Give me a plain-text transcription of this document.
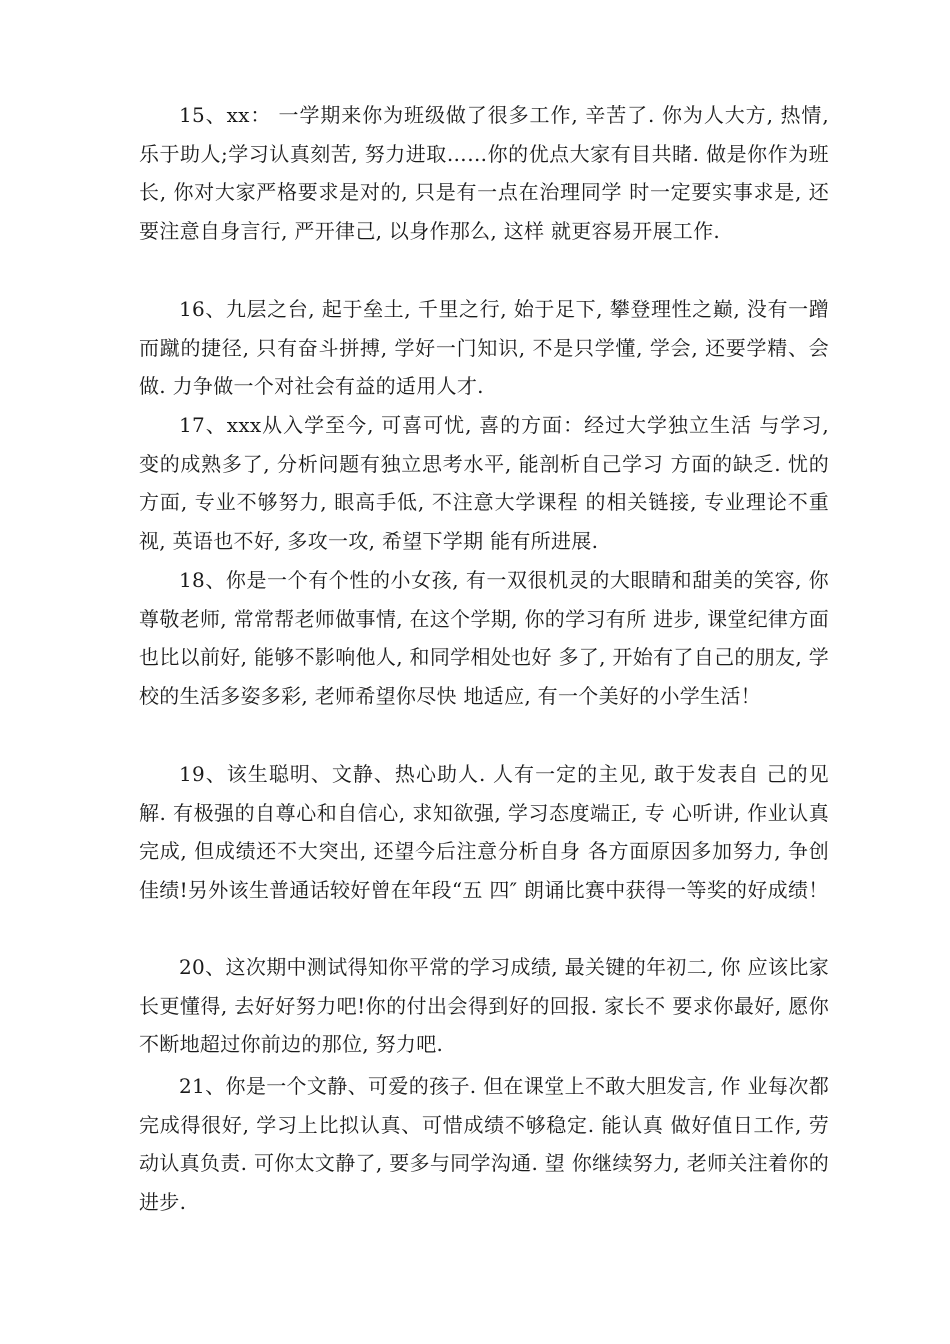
15、xx： 一学期来你为班级做了很多工作, 辛苦了. 你为人大方, 热情, 乐于助人;学习认真刻苦, 努力进取……你的优点大家有目共睹. 做是你作为班长, 你对大家严格要求是对的, 只是有一点在治理同学 时一定要实事求是, 还要注意自身言行, 严开律己, 以身作那么, 这样 就更容易开展工作.

16、九层之台, 起于垒土, 千里之行, 始于足下, 攀登理性之巅, 没有一蹭而蹴的捷径, 只有奋斗拼搏, 学好一门知识, 不是只学懂, 学会, 还要学精、会做. 力争做一个对社会有益的适用人才.

17、xxx从入学至今, 可喜可忧, 喜的方面：经过大学独立生活 与学习, 变的成熟多了, 分析问题有独立思考水平, 能剖析自己学习 方面的缺乏. 忧的方面, 专业不够努力, 眼高手低, 不注意大学课程 的相关链接, 专业理论不重视, 英语也不好, 多攻一攻, 希望下学期 能有所进展.

18、你是一个有个性的小女孩, 有一双很机灵的大眼睛和甜美的笑容, 你尊敬老师, 常常帮老师做事情, 在这个学期, 你的学习有所 进步, 课堂纪律方面也比以前好, 能够不影响他人, 和同学相处也好 多了, 开始有了自己的朋友, 学校的生活多姿多彩, 老师希望你尽快 地适应, 有一个美好的小学生活！

19、该生聪明、文静、热心助人. 人有一定的主见, 敢于发表自 己的见解. 有极强的自尊心和自信心, 求知欲强, 学习态度端正, 专 心听讲, 作业认真完成, 但成绩还不大突出, 还望今后注意分析自身 各方面原因多加努力, 争创佳绩!另外该生普通话较好曾在年段“五 四″ 朗诵比赛中获得一等奖的好成绩！

20、这次期中测试得知你平常的学习成绩, 最关键的年初二, 你 应该比家长更懂得, 去好好努力吧!你的付出会得到好的回报. 家长不 要求你最好, 愿你不断地超过你前边的那位, 努力吧.

21、你是一个文静、可爱的孩子. 但在课堂上不敢大胆发言, 作 业每次都完成得很好, 学习上比拟认真、可惜成绩不够稳定. 能认真 做好值日工作, 劳动认真负责. 可你太文静了, 要多与同学沟通. 望 你继续努力, 老师关注着你的进步.
